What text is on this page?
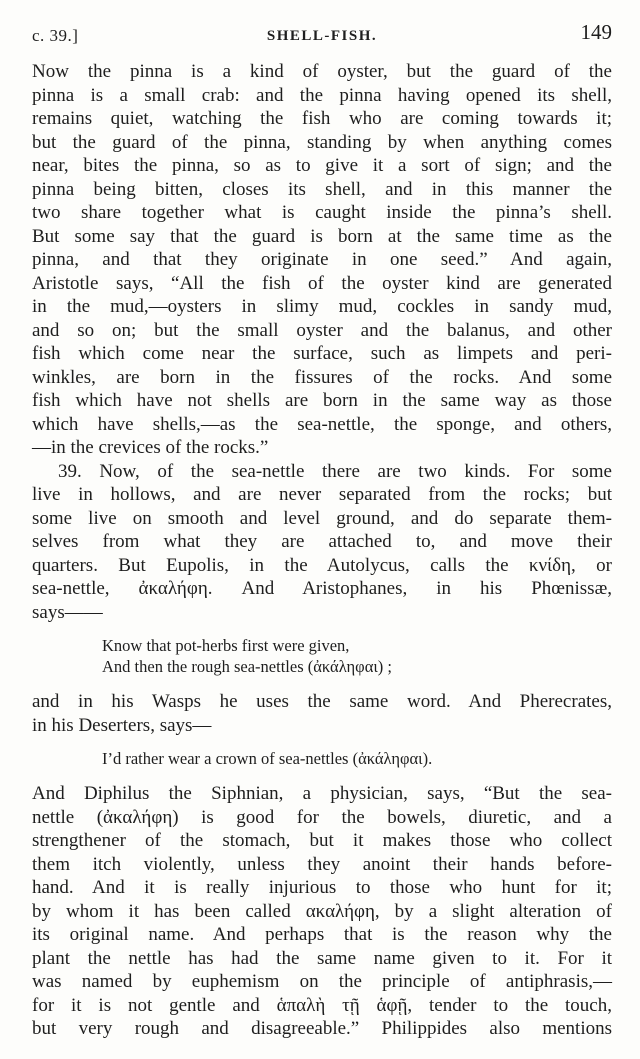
c. 39.]	SHELL-FISH.	149
Now the pinna is a kind of oyster, but the guard of the
pinna is a small crab: and the pinna having opened its shell,
remains quiet, watching the fish who are coming towards it;
but the guard of the pinna, standing by when anything comes
near, bites the pinna, so as to give it a sort of sign; and the
pinna being bitten, closes its shell, and in this manner the
two share together what is caught inside the pinna’s shell.
But some say that the guard is born at the same time as the
pinna, and that they originate in one seed.” And again,
Aristotle says, “All the fish of the oyster kind are generated
in the mud,—oysters in slimy mud, cockles in sandy mud,
and so on; but the small oyster and the balanus, and other
fish which come near the surface, such as limpets and peri-
winkles, are born in the fissures of the rocks. And some
fish which have not shells are born in the same way as those
which have shells,—as the sea-nettle, the sponge, and others,
—in the crevices of the rocks.”
39. Now, of the sea-nettle there are two kinds. For some
live in hollows, and are never separated from the rocks; but
some live on smooth and level ground, and do separate them-
selves from what they are attached to, and move their
quarters. But Eupolis, in the Autolycus, calls the κνίδη, or
sea-nettle, ἀκαλήφη. And Aristophanes, in his Phœnissæ,
says——
Know that pot-herbs first were given,
And then the rough sea-nettles (ἀκάληφαι) ;
and in his Wasps he uses the same word. And Pherecrates,
in his Deserters, says—
I’d rather wear a crown of sea-nettles (ἀκάληφαι).
And Diphilus the Siphnian, a physician, says, “But the sea-
nettle (ἀκαλήφη) is good for the bowels, diuretic, and a
strengthener of the stomach, but it makes those who collect
them itch violently, unless they anoint their hands before-
hand. And it is really injurious to those who hunt for it;
by whom it has been called ακαλήφη, by a slight alteration of
its original name. And perhaps that is the reason why the
plant the nettle has had the same name given to it. For it
was named by euphemism on the principle of antiphrasis,—
for it is not gentle and ἁπαλὴ τῇ ἁφῇ, tender to the touch,
but very rough and disagreeable.” Philippides also mentions
